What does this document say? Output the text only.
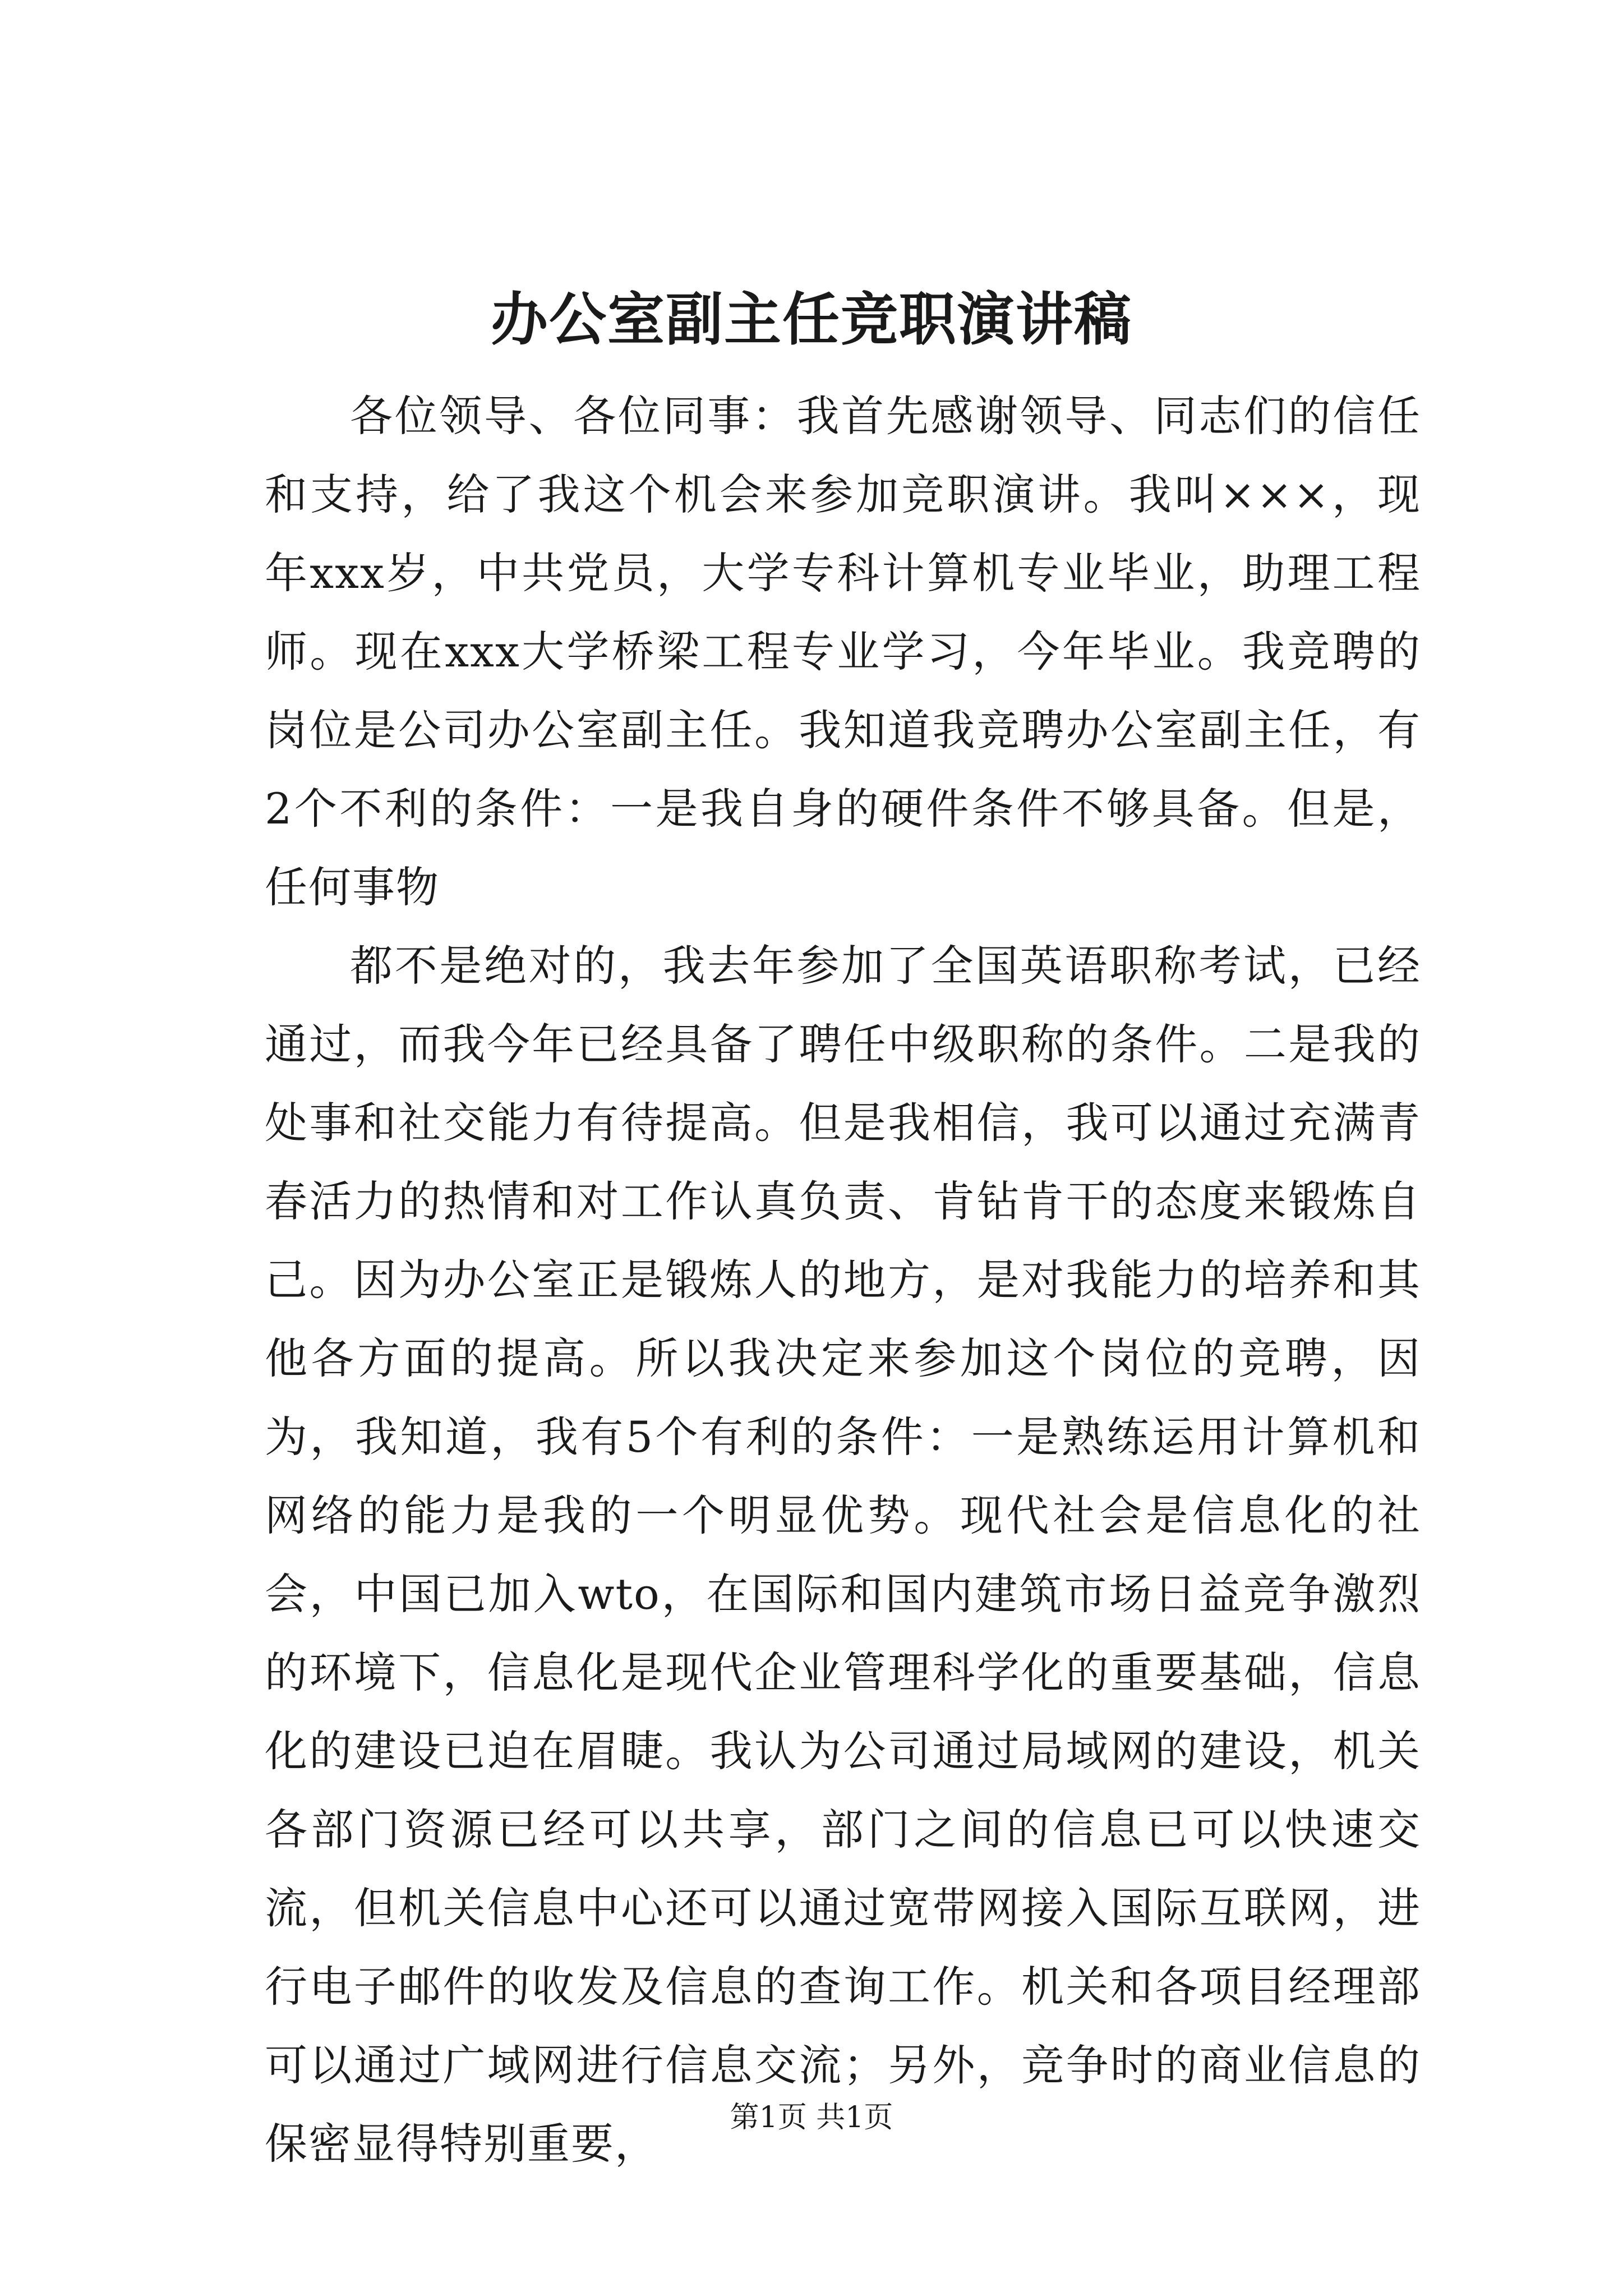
办公室副主任竞职演讲稿

各位领导、各位同事：我首先感谢领导、同志们的信任和支持，给了我这个机会来参加竞职演讲。我叫×××，现年xxx岁，中共党员，大学专科计算机专业毕业，助理工程师。现在xxx大学桥梁工程专业学习，今年毕业。我竞聘的岗位是公司办公室副主任。我知道我竞聘办公室副主任，有2个不利的条件：一是我自身的硬件条件不够具备。但是，任何事物

都不是绝对的，我去年参加了全国英语职称考试，已经通过，而我今年已经具备了聘任中级职称的条件。二是我的处事和社交能力有待提高。但是我相信，我可以通过充满青春活力的热情和对工作认真负责、肯钻肯干的态度来锻炼自己。因为办公室正是锻炼人的地方，是对我能力的培养和其他各方面的提高。所以我决定来参加这个岗位的竞聘，因为，我知道，我有5个有利的条件：一是熟练运用计算机和网络的能力是我的一个明显优势。现代社会是信息化的社会，中国已加入wto，在国际和国内建筑市场日益竞争激烈的环境下，信息化是现代企业管理科学化的重要基础，信息化的建设已迫在眉睫。我认为公司通过局域网的建设，机关各部门资源已经可以共享，部门之间的信息已可以快速交流，但机关信息中心还可以通过宽带网接入国际互联网，进行电子邮件的收发及信息的查询工作。机关和各项目经理部可以通过广域网进行信息交流；另外，竞争时的商业信息的保密显得特别重要，

第1页 共1页
